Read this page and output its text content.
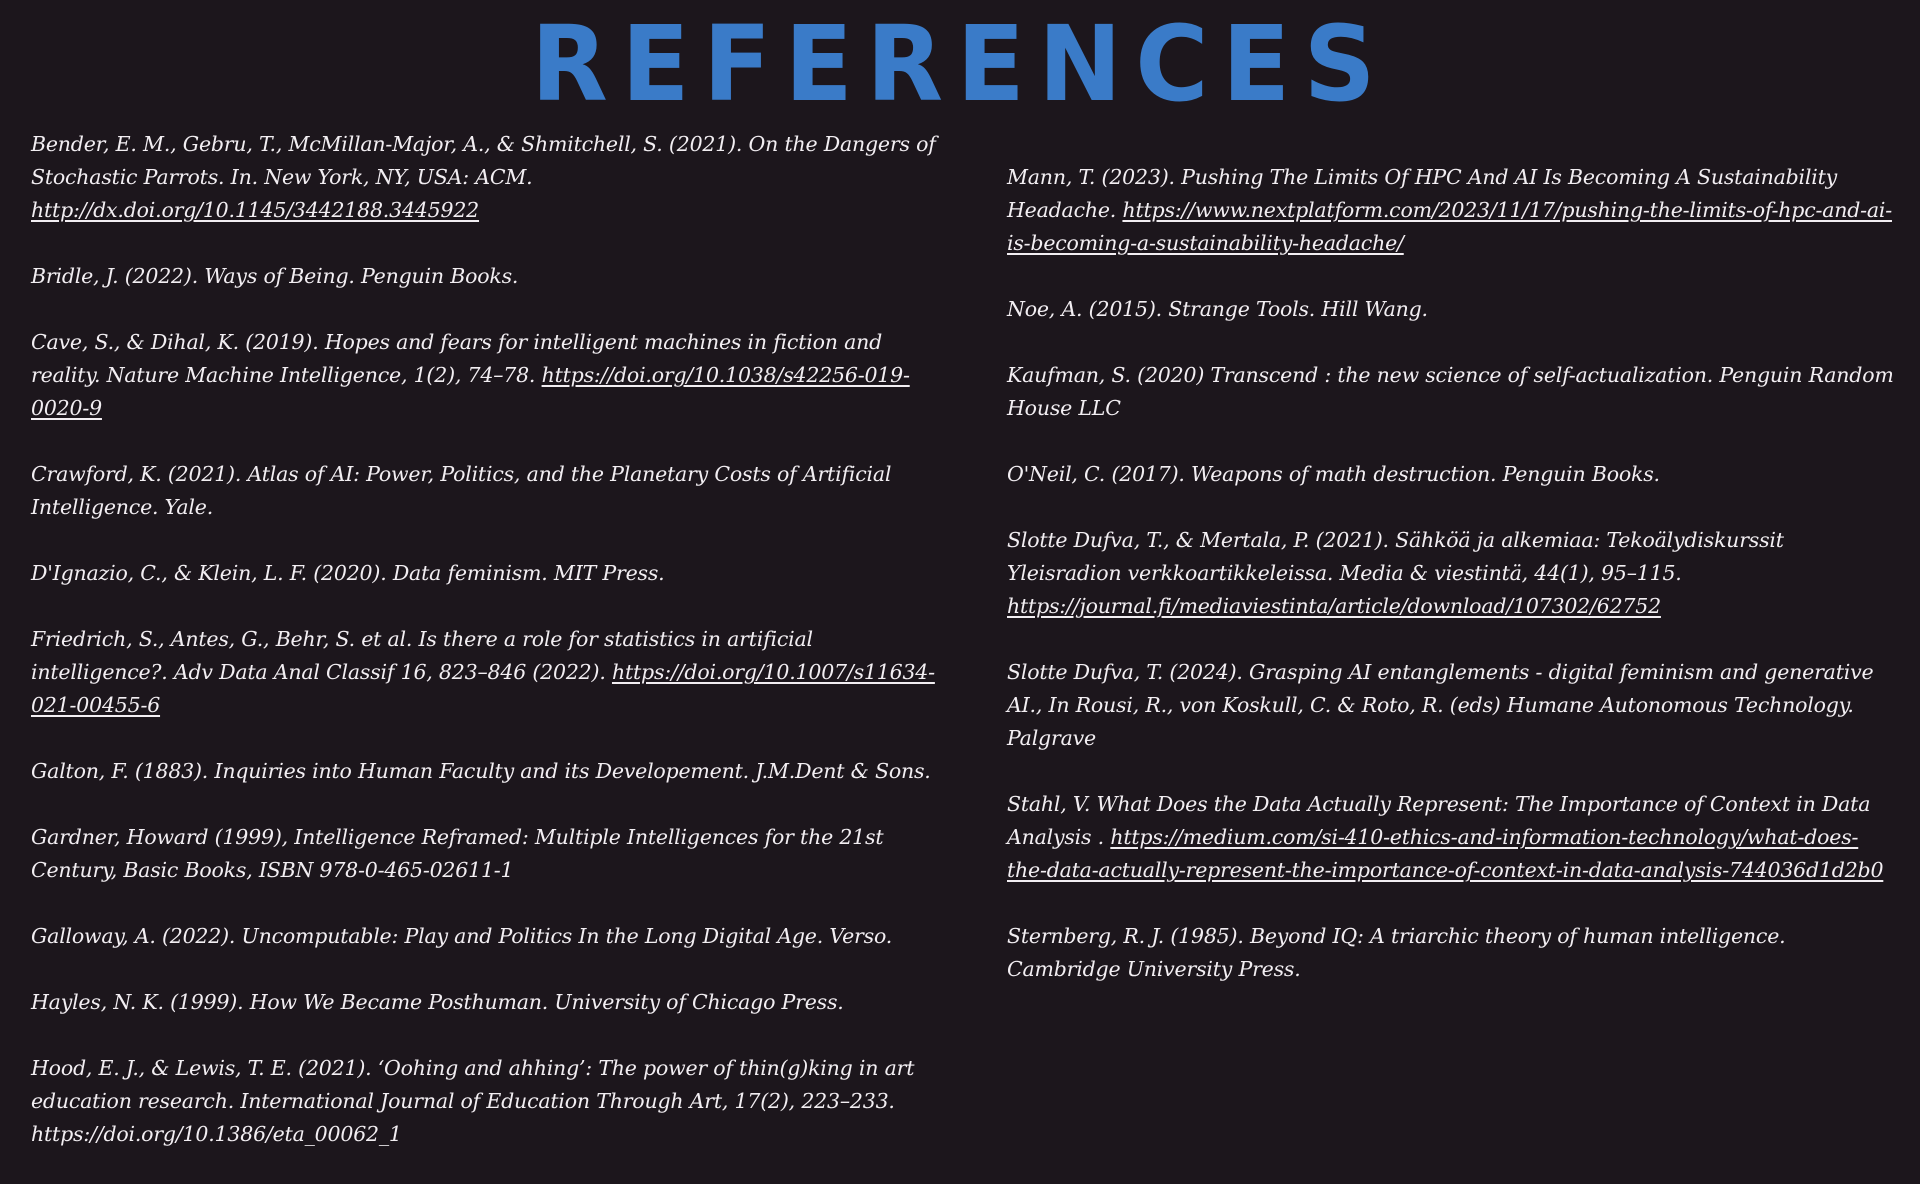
REFERENCES

Bender, E. M., Gebru, T., McMillan-Major, A., & Shmitchell, S. (2021). On the Dangers of Stochastic Parrots. In. New York, NY, USA: ACM. http://dx.doi.org/10.1145/3442188.3445922

Bridle, J. (2022). Ways of Being. Penguin Books.

Cave, S., & Dihal, K. (2019). Hopes and fears for intelligent machines in fiction and reality. Nature Machine Intelligence, 1(2), 74–78. https://doi.org/10.1038/s42256-019-0020-9

Crawford, K. (2021). Atlas of AI: Power, Politics, and the Planetary Costs of Artificial Intelligence. Yale.

D'Ignazio, C., & Klein, L. F. (2020). Data feminism. MIT Press.

Friedrich, S., Antes, G., Behr, S. et al. Is there a role for statistics in artificial intelligence?. Adv Data Anal Classif 16, 823–846 (2022). https://doi.org/10.1007/s11634-021-00455-6

Galton, F. (1883). Inquiries into Human Faculty and its Developement. J.M.Dent & Sons.

Gardner, Howard (1999), Intelligence Reframed: Multiple Intelligences for the 21st Century, Basic Books, ISBN 978-0-465-02611-1

Galloway, A. (2022). Uncomputable: Play and Politics In the Long Digital Age. Verso.

Hayles, N. K. (1999). How We Became Posthuman. University of Chicago Press.

Hood, E. J., & Lewis, T. E. (2021). ‘Oohing and ahhing’: The power of thin(g)king in art education research. International Journal of Education Through Art, 17(2), 223–233. https://doi.org/10.1386/eta_00062_1

Mann, T. (2023). Pushing The Limits Of HPC And AI Is Becoming A Sustainability Headache. https://www.nextplatform.com/2023/11/17/pushing-the-limits-of-hpc-and-ai-is-becoming-a-sustainability-headache/

Noe, A. (2015). Strange Tools. Hill Wang.

Kaufman, S. (2020) Transcend : the new science of self-actualization. Penguin Random House LLC

O'Neil, C. (2017). Weapons of math destruction. Penguin Books.

Slotte Dufva, T., & Mertala, P. (2021). Sähköä ja alkemiaa: Tekoälydiskurssit Yleisradion verkkoartikkeleissa. Media & viestintä, 44(1), 95–115. https://journal.fi/mediaviestinta/article/download/107302/62752

Slotte Dufva, T. (2024). Grasping AI entanglements - digital feminism and generative AI., In Rousi, R., von Koskull, C. & Roto, R. (eds) Humane Autonomous Technology. Palgrave

Stahl, V. What Does the Data Actually Represent: The Importance of Context in Data Analysis . https://medium.com/si-410-ethics-and-information-technology/what-does-the-data-actually-represent-the-importance-of-context-in-data-analysis-744036d1d2b0

Sternberg, R. J. (1985). Beyond IQ: A triarchic theory of human intelligence. Cambridge University Press.
